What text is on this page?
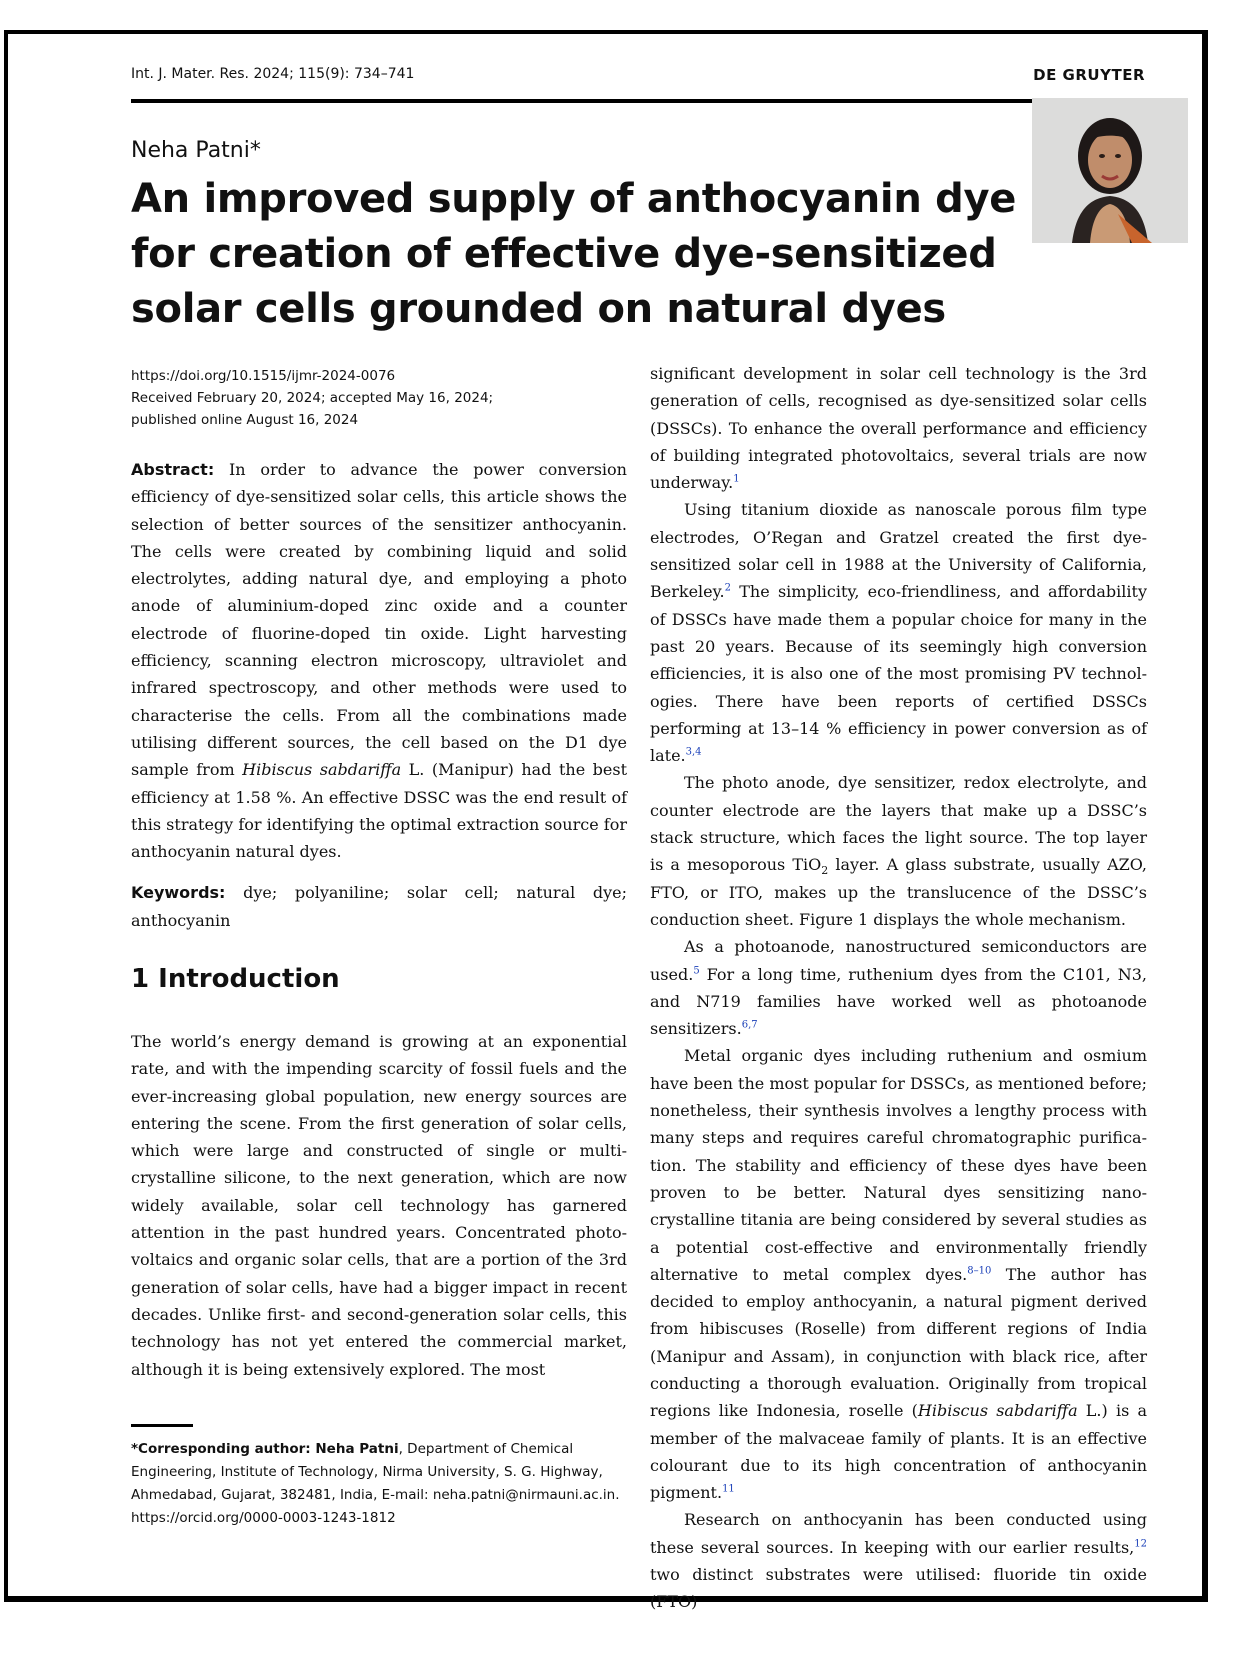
Int. J. Mater. Res. 2024; 115(9): 734–741	DE GRUYTER
Neha Patni*
An improved supply of anthocyanin dye for creation of effective dye-sensitized solar cells grounded on natural dyes
https://doi.org/10.1515/ijmr-2024-0076
Received February 20, 2024; accepted May 16, 2024;
published online August 16, 2024

Abstract: In order to advance the power conversion efficiency of dye-sensitized solar cells, this article shows the selection of better sources of the sensitizer anthocyanin. The cells were created by combining liquid and solid electrolytes, adding natural dye, and employing a photo anode of aluminium-doped zinc oxide and a counter electrode of fluorine-doped tin oxide. Light harvesting efficiency, scanning electron microscopy, ultraviolet and infrared spectroscopy, and other methods were used to characterise the cells. From all the combinations made utilising different sources, the cell based on the D1 dye sample from Hibiscus sabdariffa L. (Manipur) had the best efficiency at 1.58 %. An effective DSSC was the end result of this strategy for identifying the optimal extraction source for anthocyanin natural dyes.

Keywords: dye; polyaniline; solar cell; natural dye; anthocyanin

1 Introduction

The world’s energy demand is growing at an exponential rate, and with the impending scarcity of fossil fuels and the ever-increasing global population, new energy sources are entering the scene. From the first generation of solar cells, which were large and constructed of single or multi-crystalline silicone, to the next generation, which are now widely available, solar cell technology has garnered attention in the past hundred years. Concentrated photo-voltaics and organic solar cells, that are a portion of the 3rd generation of solar cells, have had a bigger impact in recent decades. Unlike first- and second-generation solar cells, this technology has not yet entered the commercial market, although it is being extensively explored. The most

significant development in solar cell technology is the 3rd generation of cells, recognised as dye-sensitized solar cells (DSSCs). To enhance the overall performance and efficiency of building integrated photovoltaics, several trials are now underway.$^1$

Using titanium dioxide as nanoscale porous film type electrodes, O’Regan and Gratzel created the first dye-sensitized solar cell in 1988 at the University of California, Berkeley.$^2$ The simplicity, eco-friendliness, and affordability of DSSCs have made them a popular choice for many in the past 20 years. Because of its seemingly high conversion efficiencies, it is also one of the most promising PV technol-ogies. There have been reports of certified DSSCs performing at 13–14 % efficiency in power conversion as of late.$^{3,4}$

The photo anode, dye sensitizer, redox electrolyte, and counter electrode are the layers that make up a DSSC’s stack structure, which faces the light source. The top layer is a mesoporous TiO$_2$ layer. A glass substrate, usually AZO, FTO, or ITO, makes up the translucence of the DSSC’s conduction sheet. Figure 1 displays the whole mechanism.

As a photoanode, nanostructured semiconductors are used.$^5$ For a long time, ruthenium dyes from the C101, N3, and N719 families have worked well as photoanode sensitizers.$^{6,7}$

Metal organic dyes including ruthenium and osmium have been the most popular for DSSCs, as mentioned before; nonetheless, their synthesis involves a lengthy process with many steps and requires careful chromatographic purifica-tion. The stability and efficiency of these dyes have been proven to be better. Natural dyes sensitizing nano-crystalline titania are being considered by several studies as a potential cost-effective and environmentally friendly alternative to metal complex dyes.$^{8-10}$ The author has decided to employ anthocyanin, a natural pigment derived from hibiscuses (Roselle) from different regions of India (Manipur and Assam), in conjunction with black rice, after conducting a thorough evaluation. Originally from tropical regions like Indonesia, roselle (Hibiscus sabdariffa L.) is a member of the malvaceae family of plants. It is an effective colourant due to its high concentration of anthocyanin pigment.$^{11}$

Research on anthocyanin has been conducted using these several sources. In keeping with our earlier results,$^{12}$ two distinct substrates were utilised: fluoride tin oxide (FTO)

*Corresponding author: Neha Patni, Department of Chemical Engineering, Institute of Technology, Nirma University, S. G. Highway, Ahmedabad, Gujarat, 382481, India, E-mail: neha.patni@nirmauni.ac.in. https://orcid.org/0000-0003-1243-1812
